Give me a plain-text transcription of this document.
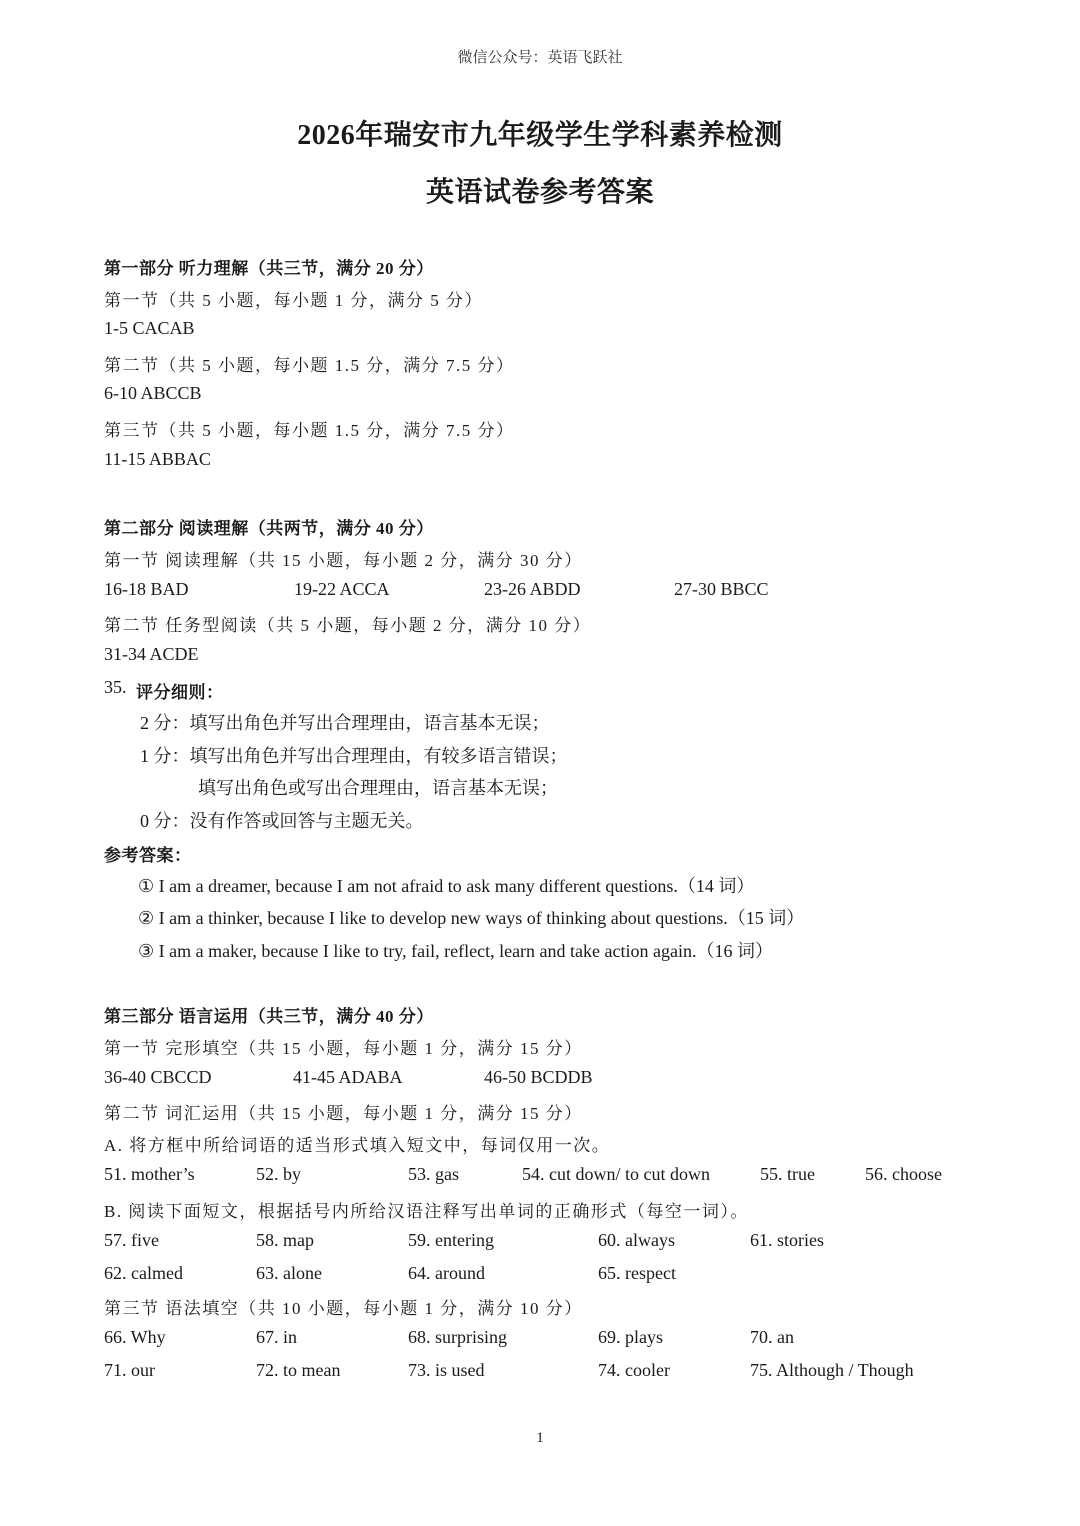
微信公众号：英语飞跃社
2026年瑞安市九年级学生学科素养检测
英语试卷参考答案
第一部分 听力理解（共三节，满分 20 分）
第一节（共 5 小题，每小题 1 分，满分 5 分）
1-5 CACAB
第二节（共 5 小题，每小题 1.5 分，满分 7.5 分）
6-10 ABCCB
第三节（共 5 小题，每小题 1.5 分，满分 7.5 分）
11-15 ABBAC
第二部分 阅读理解（共两节，满分 40 分）
第一节 阅读理解（共 15 小题，每小题 2 分，满分 30 分）
16-18 BAD	19-22 ACCA	23-26 ABDD	27-30 BBCC
第二节 任务型阅读（共 5 小题，每小题 2 分，满分 10 分）
31-34 ACDE
35. 评分细则：
2 分：填写出角色并写出合理理由，语言基本无误；
1 分：填写出角色并写出合理理由，有较多语言错误；
填写出角色或写出合理理由，语言基本无误；
0 分：没有作答或回答与主题无关。
参考答案：
① I am a dreamer, because I am not afraid to ask many different questions.（14 词）
② I am a thinker, because I like to develop new ways of thinking about questions.（15 词）
③ I am a maker, because I like to try, fail, reflect, learn and take action again.（16 词）
第三部分 语言运用（共三节，满分 40 分）
第一节 完形填空（共 15 小题，每小题 1 分，满分 15 分）
36-40 CBCCD	41-45 ADABA	46-50 BCDDB
第二节 词汇运用（共 15 小题，每小题 1 分，满分 15 分）
A. 将方框中所给词语的适当形式填入短文中，每词仅用一次。
51. mother’s	52. by	53. gas	54. cut down/ to cut down	55. true	56. choose
B. 阅读下面短文，根据括号内所给汉语注释写出单词的正确形式（每空一词）。
57. five	58. map	59. entering	60. always	61. stories
62. calmed	63. alone	64. around	65. respect
第三节 语法填空（共 10 小题，每小题 1 分，满分 10 分）
66. Why	67. in	68. surprising	69. plays	70. an
71. our	72. to mean	73. is used	74. cooler	75. Although / Though
1
